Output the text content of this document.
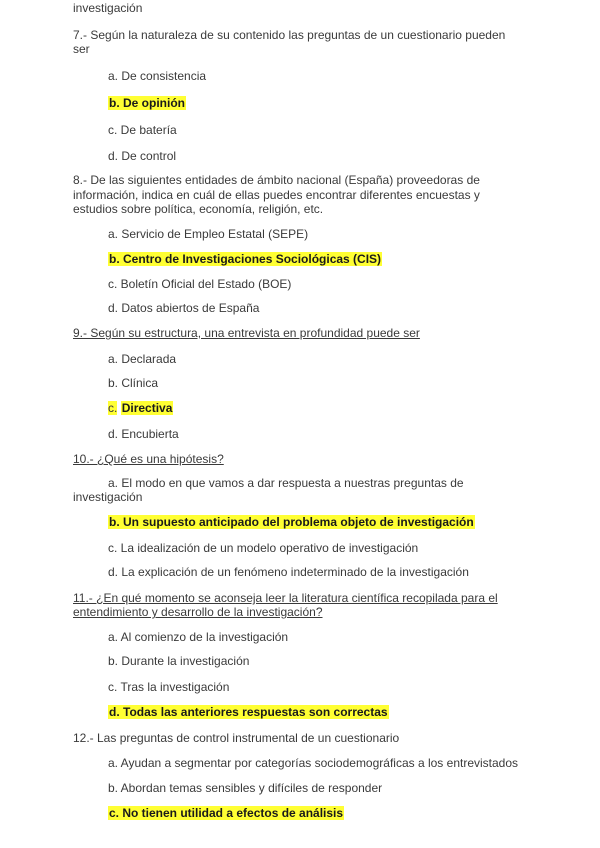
investigación
7.- Según la naturaleza de su contenido las preguntas de un cuestionario pueden
ser
a. De consistencia
b. De opinión
c. De batería
d. De control
8.- De las siguientes entidades de ámbito nacional (España) proveedoras de
información, indica en cuál de ellas puedes encontrar diferentes encuestas y
estudios sobre política, economía, religión, etc.
a. Servicio de Empleo Estatal (SEPE)
b. Centro de Investigaciones Sociológicas (CIS)
c. Boletín Oficial del Estado (BOE)
d. Datos abiertos de España
9.- Según su estructura, una entrevista en profundidad puede ser
a. Declarada
b. Clínica
c. Directiva
d. Encubierta
10.- ¿Qué es una hipótesis?
a. El modo en que vamos a dar respuesta a nuestras preguntas de
investigación
b. Un supuesto anticipado del problema objeto de investigación
c. La idealización de un modelo operativo de investigación
d. La explicación de un fenómeno indeterminado de la investigación
11.- ¿En qué momento se aconseja leer la literatura científica recopilada para el
entendimiento y desarrollo de la investigación?
a. Al comienzo de la investigación
b. Durante la investigación
c. Tras la investigación
d. Todas las anteriores respuestas son correctas
12.- Las preguntas de control instrumental de un cuestionario
a. Ayudan a segmentar por categorías sociodemográficas a los entrevistados
b. Abordan temas sensibles y difíciles de responder
c. No tienen utilidad a efectos de análisis
